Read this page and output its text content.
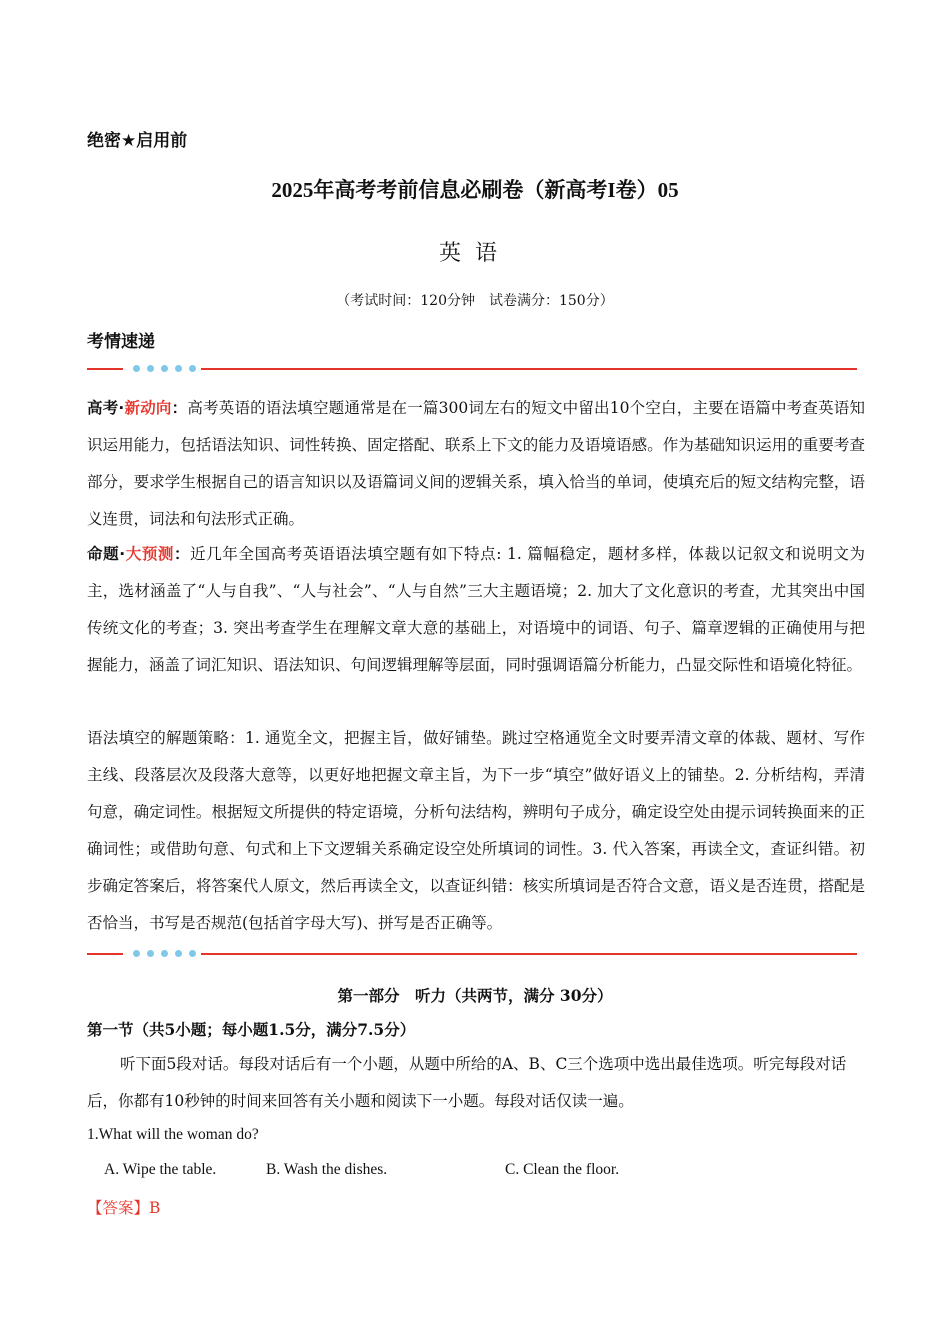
绝密★启用前
2025年高考考前信息必刷卷（新高考I卷）05
英语
（考试时间：120分钟　试卷满分：150分）
考情速递
高考·新动向：高考英语的语法填空题通常是在一篇300词左右的短文中留出10个空白，主要在语篇中考查英语知识运用能力，包括语法知识、词性转换、固定搭配、联系上下文的能力及语境语感。作为基础知识运用的重要考查部分，要求学生根据自己的语言知识以及语篇词义间的逻辑关系，填入恰当的单词，使填充后的短文结构完整，语义连贯，词法和句法形式正确。
命题·大预测：近几年全国高考英语语法填空题有如下特点: 1. 篇幅稳定，题材多样，体裁以记叙文和说明文为主，选材涵盖了“人与自我”、“人与社会”、“人与自然”三大主题语境；2. 加大了文化意识的考查，尤其突出中国传统文化的考查；3. 突出考查学生在理解文章大意的基础上，对语境中的词语、句子、篇章逻辑的正确使用与把握能力，涵盖了词汇知识、语法知识、句间逻辑理解等层面，同时强调语篇分析能力，凸显交际性和语境化特征。
语法填空的解题策略：1. 通览全文，把握主旨，做好铺垫。跳过空格通览全文时要弄清文章的体裁、题材、写作主线、段落层次及段落大意等，以更好地把握文章主旨，为下一步“填空”做好语义上的铺垫。2. 分析结构，弄清句意，确定词性。根据短文所提供的特定语境，分析句法结构，辨明句子成分，确定设空处由提示词转换面来的正确词性；或借助句意、句式和上下文逻辑关系确定设空处所填词的词性。3. 代入答案，再读全文，查证纠错。初步确定答案后，将答案代人原文，然后再读全文，以查证纠错：核实所填词是否符合文意，语义是否连贯，搭配是否恰当，书写是否规范(包括首字母大写)、拼写是否正确等。
第一部分　听力（共两节，满分 30分）
第一节（共5小题；每小题1.5分，满分7.5分）
听下面5段对话。每段对话后有一个小题，从题中所给的A、B、C三个选项中选出最佳选项。听完每段对话后，你都有10秒钟的时间来回答有关小题和阅读下一小题。每段对话仅读一遍。
1.What will the woman do?
A. Wipe the table.	B. Wash the dishes.	C. Clean the floor.
【答案】B
